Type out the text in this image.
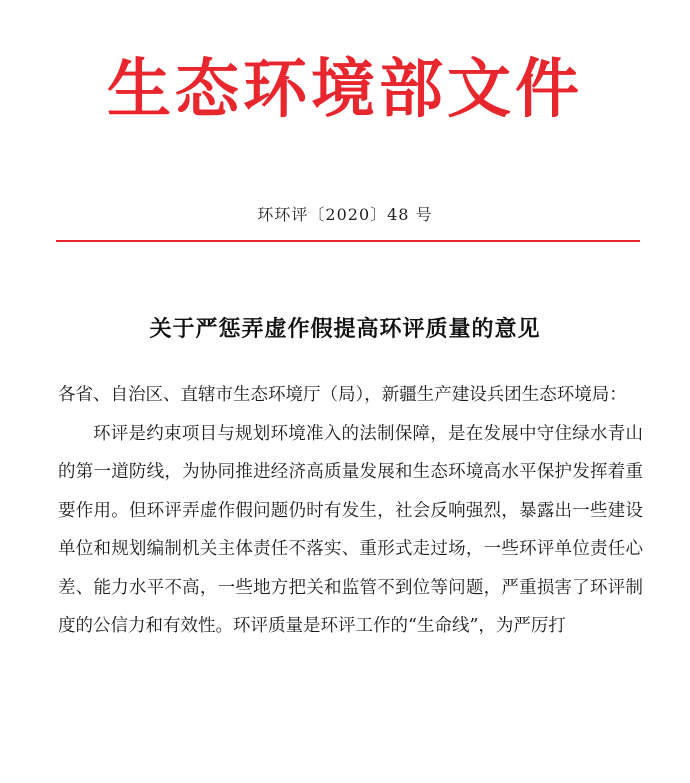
生态环境部文件
环环评〔2020〕48 号
关于严惩弄虚作假提高环评质量的意见

各省、自治区、直辖市生态环境厅（局），新疆生产建设兵团生态环境局：

环评是约束项目与规划环境准入的法制保障，是在发展中守住绿水青山的第一道防线，为协同推进经济高质量发展和生态环境高水平保护发挥着重要作用。但环评弄虚作假问题仍时有发生，社会反响强烈，暴露出一些建设单位和规划编制机关主体责任不落实、重形式走过场，一些环评单位责任心差、能力水平不高，一些地方把关和监管不到位等问题，严重损害了环评制度的公信力和有效性。环评质量是环评工作的“生命线”，为严厉打
